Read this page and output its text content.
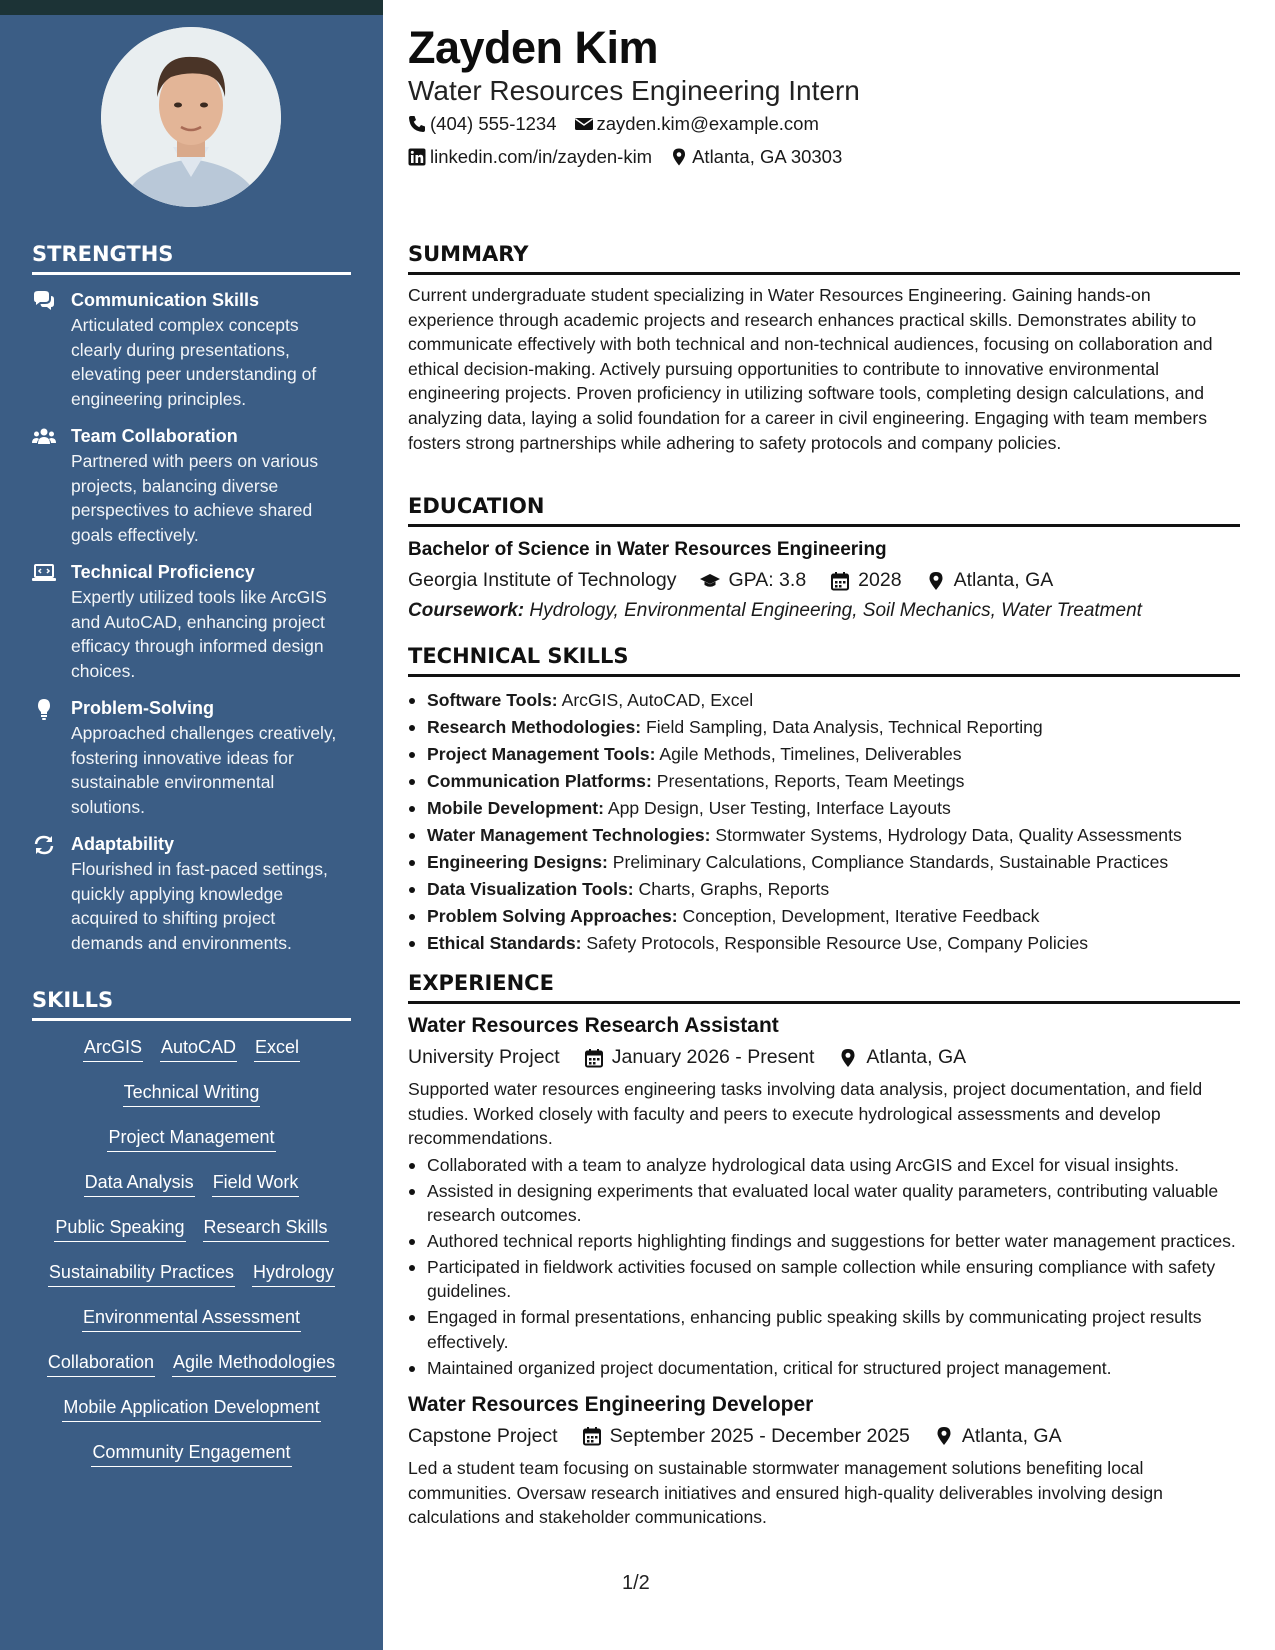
STRENGTHS
Communication Skills
Articulated complex concepts clearly during presentations, elevating peer understanding of engineering principles.
Team Collaboration
Partnered with peers on various projects, balancing diverse perspectives to achieve shared goals effectively.
Technical Proficiency
Expertly utilized tools like ArcGIS and AutoCAD, enhancing project efficacy through informed design choices.
Problem-Solving
Approached challenges creatively, fostering innovative ideas for sustainable environmental solutions.
Adaptability
Flourished in fast-paced settings, quickly applying knowledge acquired to shifting project demands and environments.
SKILLS
ArcGIS AutoCAD Excel
Technical Writing
Project Management
Data Analysis Field Work
Public Speaking Research Skills
Sustainability Practices Hydrology
Environmental Assessment
Collaboration Agile Methodologies
Mobile Application Development
Community Engagement
Zayden Kim
Water Resources Engineering Intern
(404) 555-1234 zayden.kim@example.com
linkedin.com/in/zayden-kim Atlanta, GA 30303
SUMMARY

Current undergraduate student specializing in Water Resources Engineering. Gaining hands-on experience through academic projects and research enhances practical skills. Demonstrates ability to communicate effectively with both technical and non-technical audiences, focusing on collaboration and ethical decision-making. Actively pursuing opportunities to contribute to innovative environmental engineering projects. Proven proficiency in utilizing software tools, completing design calculations, and analyzing data, laying a solid foundation for a career in civil engineering. Engaging with team members fosters strong partnerships while adhering to safety protocols and company policies.

EDUCATION
Bachelor of Science in Water Resources Engineering
Georgia Institute of Technology	GPA: 3.8	2028	Atlanta, GA
Coursework: Hydrology, Environmental Engineering, Soil Mechanics, Water Treatment
TECHNICAL SKILLS
Software Tools: ArcGIS, AutoCAD, Excel
Research Methodologies: Field Sampling, Data Analysis, Technical Reporting
Project Management Tools: Agile Methods, Timelines, Deliverables
Communication Platforms: Presentations, Reports, Team Meetings
Mobile Development: App Design, User Testing, Interface Layouts
Water Management Technologies: Stormwater Systems, Hydrology Data, Quality Assessments
Engineering Designs: Preliminary Calculations, Compliance Standards, Sustainable Practices
Data Visualization Tools: Charts, Graphs, Reports
Problem Solving Approaches: Conception, Development, Iterative Feedback
Ethical Standards: Safety Protocols, Responsible Resource Use, Company Policies
EXPERIENCE
Water Resources Research Assistant
University Project	January 2026 - Present	Atlanta, GA

Supported water resources engineering tasks involving data analysis, project documentation, and field studies. Worked closely with faculty and peers to execute hydrological assessments and develop recommendations.

Collaborated with a team to analyze hydrological data using ArcGIS and Excel for visual insights.
Assisted in designing experiments that evaluated local water quality parameters, contributing valuable research outcomes.
Authored technical reports highlighting findings and suggestions for better water management practices.
Participated in fieldwork activities focused on sample collection while ensuring compliance with safety guidelines.
Engaged in formal presentations, enhancing public speaking skills by communicating project results effectively.
Maintained organized project documentation, critical for structured project management.
Water Resources Engineering Developer
Capstone Project	September 2025 - December 2025	Atlanta, GA

Led a student team focusing on sustainable stormwater management solutions benefiting local communities. Oversaw research initiatives and ensured high-quality deliverables involving design calculations and stakeholder communications.

1/2
